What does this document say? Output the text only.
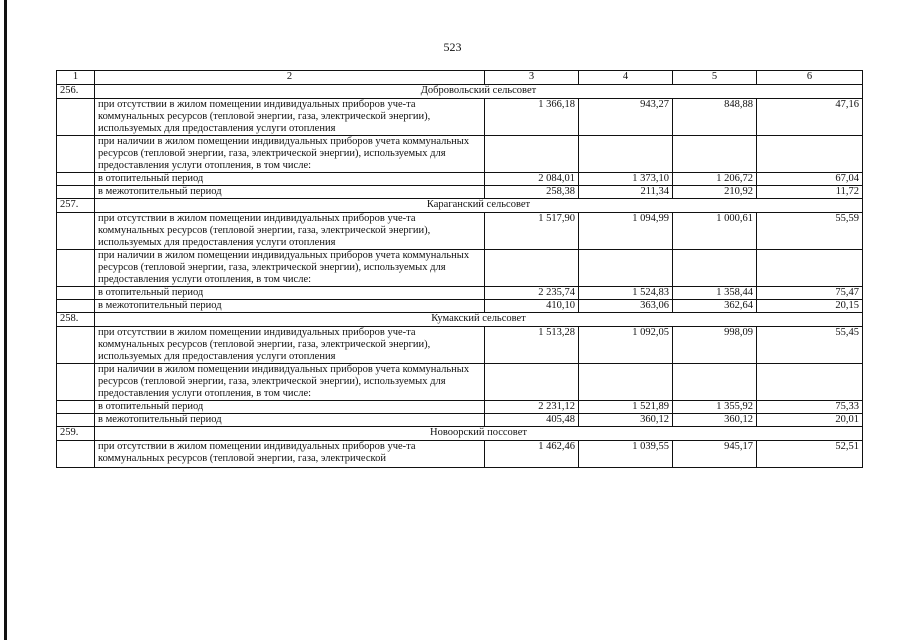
523
1	2	3	4	5	6
256.	Добровольский сельсовет				
	при отсутствии в жилом помещении индивидуальных приборов уче-та коммунальных ресурсов (тепловой энергии, газа, электрической энергии), используемых для предоставления услуги отопления	1 366,18	943,27	848,88	47,16
	при наличии в жилом помещении индивидуальных приборов учета коммунальных ресурсов (тепловой энергии, газа, электрической энергии), используемых для предоставления услуги отопления, в том числе:				
	в отопительный период	2 084,01	1 373,10	1 206,72	67,04
	в межотопительный период	258,38	211,34	210,92	11,72
257.	Караганский сельсовет				
	при отсутствии в жилом помещении индивидуальных приборов уче-та коммунальных ресурсов (тепловой энергии, газа, электрической энергии), используемых для предоставления услуги отопления	1 517,90	1 094,99	1 000,61	55,59
	при наличии в жилом помещении индивидуальных приборов учета коммунальных ресурсов (тепловой энергии, газа, электрической энергии), используемых для предоставления услуги отопления, в том числе:				
	в отопительный период	2 235,74	1 524,83	1 358,44	75,47
	в межотопительный период	410,10	363,06	362,64	20,15
258.	Кумакский сельсовет				
	при отсутствии в жилом помещении индивидуальных приборов уче-та коммунальных ресурсов (тепловой энергии, газа, электрической энергии), используемых для предоставления услуги отопления	1 513,28	1 092,05	998,09	55,45
	при наличии в жилом помещении индивидуальных приборов учета коммунальных ресурсов (тепловой энергии, газа, электрической энергии), используемых для предоставления услуги отопления, в том числе:				
	в отопительный период	2 231,12	1 521,89	1 355,92	75,33
	в межотопительный период	405,48	360,12	360,12	20,01
259.	Новоорский поссовет				

	при отсутствии в жилом помещении индивидуальных приборов уче-та коммунальных ресурсов (тепловой энергии, газа, электрической	1 462,46	1 039,55	945,17	52,51
